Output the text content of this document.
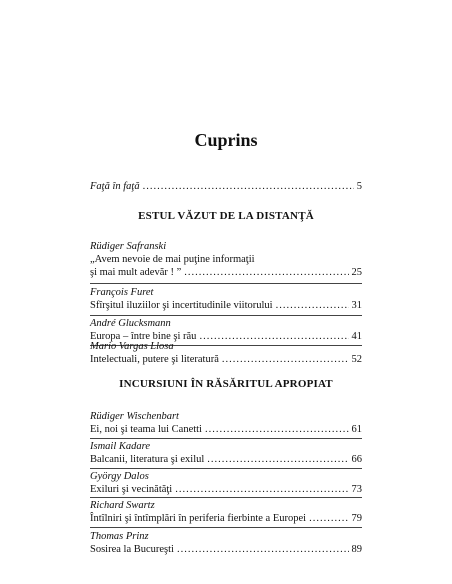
Cuprins
Faţă în faţă .....	5
ESTUL VĂZUT DE LA DISTANŢĂ
Rüdiger Safranski
„Avem nevoie de mai puţine informaţii
şi mai mult adevăr ! ” .....	25
François Furet
Sfîrşitul iluziilor şi incertitudinile viitorului .....	31
André Glucksmann
Europa – între bine şi rău .....	41
Mario Vargas Llosa
Intelectuali, putere şi literatură .....	52
INCURSIUNI ÎN RĂSĂRITUL APROPIAT
Rüdiger Wischenbart
Ei, noi şi teama lui Canetti .....	61
Ismail Kadare
Balcanii, literatura şi exilul .....	66
György Dalos
Exiluri şi vecinătăţi .....	73
Richard Swartz
Întîlniri şi întîmplări în periferia fierbinte a Europei .....	79
Thomas Prinz
Sosirea la Bucureşti .....	89
